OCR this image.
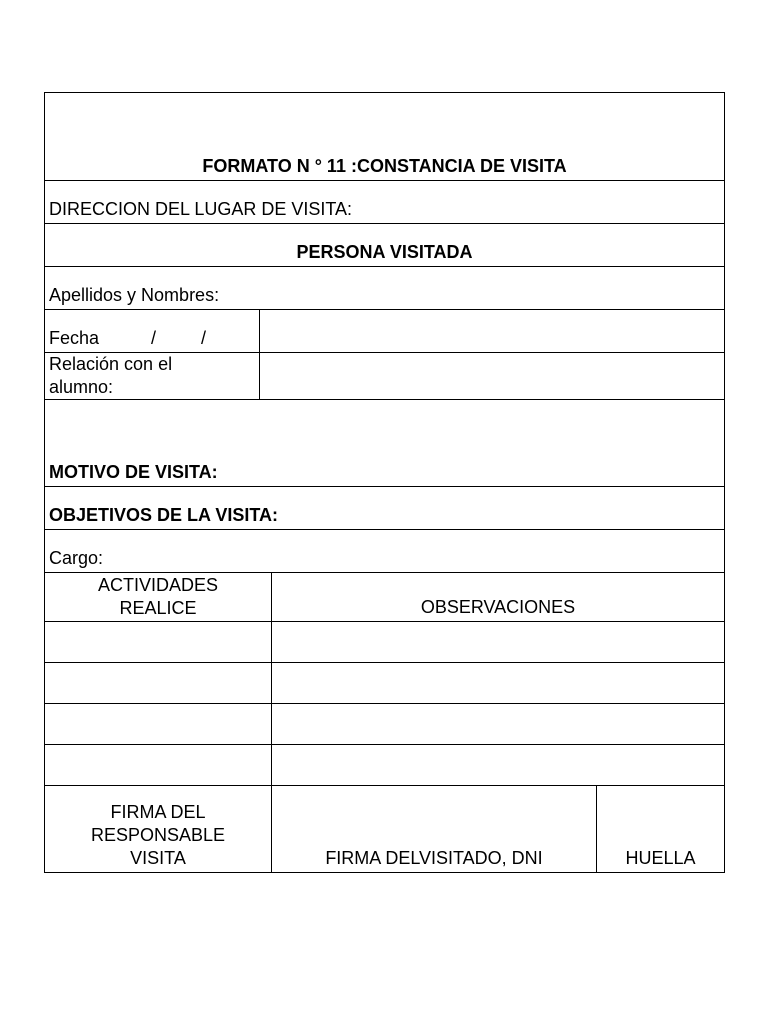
FORMATO N ° 11 :CONSTANCIA DE VISITA			
DIRECCION DEL LUGAR DE VISITA:			
PERSONA VISITADA			
Apellidos y Nombres:			
Fecha / /			

Relación con el
alumno:			

MOTIVO DE VISITA:			
OBJETIVOS DE LA VISITA:			
Cargo:			

ACTIVIDADES
REALICE		OBSERVACIONES	

FIRMA DEL
RESPONSABLE
VISITA		FIRMA DELVISITADO, DNI	HUELLA
